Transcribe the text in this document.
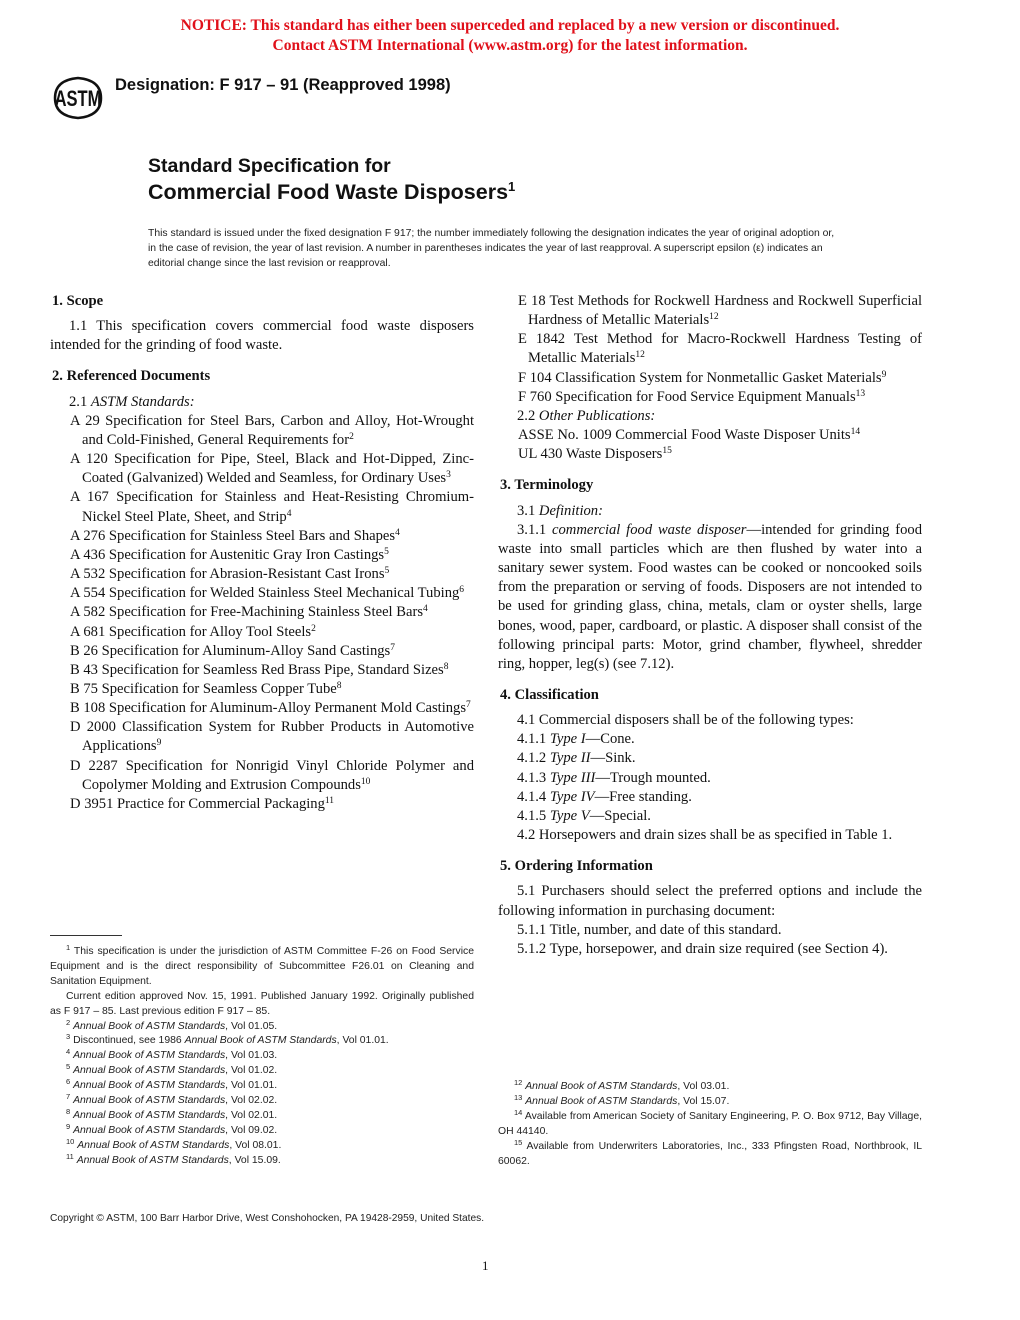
NOTICE: This standard has either been superceded and replaced by a new version or discontinued.
Contact ASTM International (www.astm.org) for the latest information.
ASTM
Designation: F 917 – 91 (Reapproved 1998)
Standard Specification for
Commercial Food Waste Disposers$^1$
This standard is issued under the fixed designation F 917; the number immediately following the designation indicates the year of original adoption or, in the case of revision, the year of last revision. A number in parentheses indicates the year of last reapproval. A superscript epsilon (ε) indicates an editorial change since the last revision or reapproval.
1. Scope

1.1 This specification covers commercial food waste disposers intended for the grinding of food waste.

2. Referenced Documents

2.1 ASTM Standards:

A 29 Specification for Steel Bars, Carbon and Alloy, Hot-Wrought and Cold-Finished, General Requirements for$^2$

A 120 Specification for Pipe, Steel, Black and Hot-Dipped, Zinc-Coated (Galvanized) Welded and Seamless, for Ordinary Uses$^3$

A 167 Specification for Stainless and Heat-Resisting Chromium-Nickel Steel Plate, Sheet, and Strip$^4$

A 276 Specification for Stainless Steel Bars and Shapes$^4$

A 436 Specification for Austenitic Gray Iron Castings$^5$

A 532 Specification for Abrasion-Resistant Cast Irons$^5$

A 554 Specification for Welded Stainless Steel Mechanical Tubing$^6$

A 582 Specification for Free-Machining Stainless Steel Bars$^4$

A 681 Specification for Alloy Tool Steels$^2$

B 26 Specification for Aluminum-Alloy Sand Castings$^7$

B 43 Specification for Seamless Red Brass Pipe, Standard Sizes$^8$

B 75 Specification for Seamless Copper Tube$^8$

B 108 Specification for Aluminum-Alloy Permanent Mold Castings$^7$

D 2000 Classification System for Rubber Products in Automotive Applications$^9$

D 2287 Specification for Nonrigid Vinyl Chloride Polymer and Copolymer Molding and Extrusion Compounds$^{10}$

D 3951 Practice for Commercial Packaging$^{11}$

E 18 Test Methods for Rockwell Hardness and Rockwell Superficial Hardness of Metallic Materials$^{12}$

E 1842 Test Method for Macro-Rockwell Hardness Testing of Metallic Materials$^{12}$

F 104 Classification System for Nonmetallic Gasket Materials$^9$

F 760 Specification for Food Service Equipment Manuals$^{13}$

2.2 Other Publications:

ASSE No. 1009 Commercial Food Waste Disposer Units$^{14}$

UL 430 Waste Disposers$^{15}$

3. Terminology

3.1 Definition:

3.1.1 commercial food waste disposer—intended for grinding food waste into small particles which are then flushed by water into a sanitary sewer system. Food wastes can be cooked or noncooked soils from the preparation or serving of foods. Disposers are not intended to be used for grinding glass, china, metals, clam or oyster shells, large bones, wood, paper, cardboard, or plastic. A disposer shall consist of the following principal parts: Motor, grind chamber, flywheel, shredder ring, hopper, leg(s) (see 7.12).

4. Classification

4.1 Commercial disposers shall be of the following types:

4.1.1 Type I—Cone.

4.1.2 Type II—Sink.

4.1.3 Type III—Trough mounted.

4.1.4 Type IV—Free standing.

4.1.5 Type V—Special.

4.2 Horsepowers and drain sizes shall be as specified in Table 1.

5. Ordering Information

5.1 Purchasers should select the preferred options and include the following information in purchasing document:

5.1.1 Title, number, and date of this standard.

5.1.2 Type, horsepower, and drain size required (see Section 4).

$^1$ This specification is under the jurisdiction of ASTM Committee F-26 on Food Service Equipment and is the direct responsibility of Subcommittee F26.01 on Cleaning and Sanitation Equipment.

Current edition approved Nov. 15, 1991. Published January 1992. Originally published as F 917 – 85. Last previous edition F 917 – 85.

$^2$ Annual Book of ASTM Standards, Vol 01.05.

$^3$ Discontinued, see 1986 Annual Book of ASTM Standards, Vol 01.01.

$^4$ Annual Book of ASTM Standards, Vol 01.03.

$^5$ Annual Book of ASTM Standards, Vol 01.02.

$^6$ Annual Book of ASTM Standards, Vol 01.01.

$^7$ Annual Book of ASTM Standards, Vol 02.02.

$^8$ Annual Book of ASTM Standards, Vol 02.01.

$^9$ Annual Book of ASTM Standards, Vol 09.02.

$^{10}$ Annual Book of ASTM Standards, Vol 08.01.

$^{11}$ Annual Book of ASTM Standards, Vol 15.09.

$^{12}$ Annual Book of ASTM Standards, Vol 03.01.

$^{13}$ Annual Book of ASTM Standards, Vol 15.07.

$^{14}$ Available from American Society of Sanitary Engineering, P. O. Box 9712, Bay Village, OH 44140.

$^{15}$ Available from Underwriters Laboratories, Inc., 333 Pfingsten Road, Northbrook, IL 60062.

Copyright © ASTM, 100 Barr Harbor Drive, West Conshohocken, PA 19428-2959, United States.
1
